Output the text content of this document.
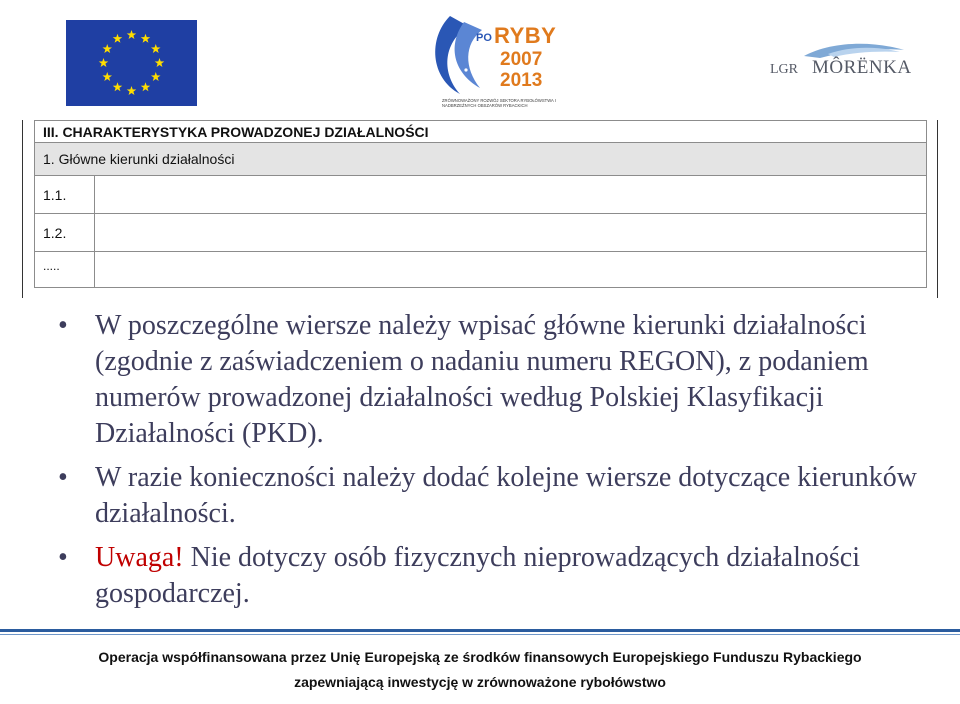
PO RYBY
2007
2013
ZRÓWNOWAŻONY ROZWÓJ SEKTORA RYBOŁÓWSTWA I NADBRZEŻNYCH OBSZARÓW RYBACKICH
LGR MÔRËNKA
III. CHARAKTERYSTYKA PROWADZONEJ DZIAŁALNOŚCI	
1. Główne kierunki działalności	
1.1.	
1.2.	
.....	
• W poszczególne wiersze należy wpisać główne kierunki działalności (zgodnie z zaświadczeniem o nadaniu numeru REGON), z podaniem numerów prowadzonej działalności według Polskiej Klasyfikacji Działalności (PKD).
• W razie konieczności należy dodać kolejne wiersze dotyczące kierunków działalności.
• Uwaga! Nie dotyczy osób fizycznych nieprowadzących działalności gospodarczej.
Operacja współfinansowana przez Unię Europejską ze środków finansowych Europejskiego Funduszu Rybackiego
zapewniającą inwestycję w zrównoważone rybołówstwo
